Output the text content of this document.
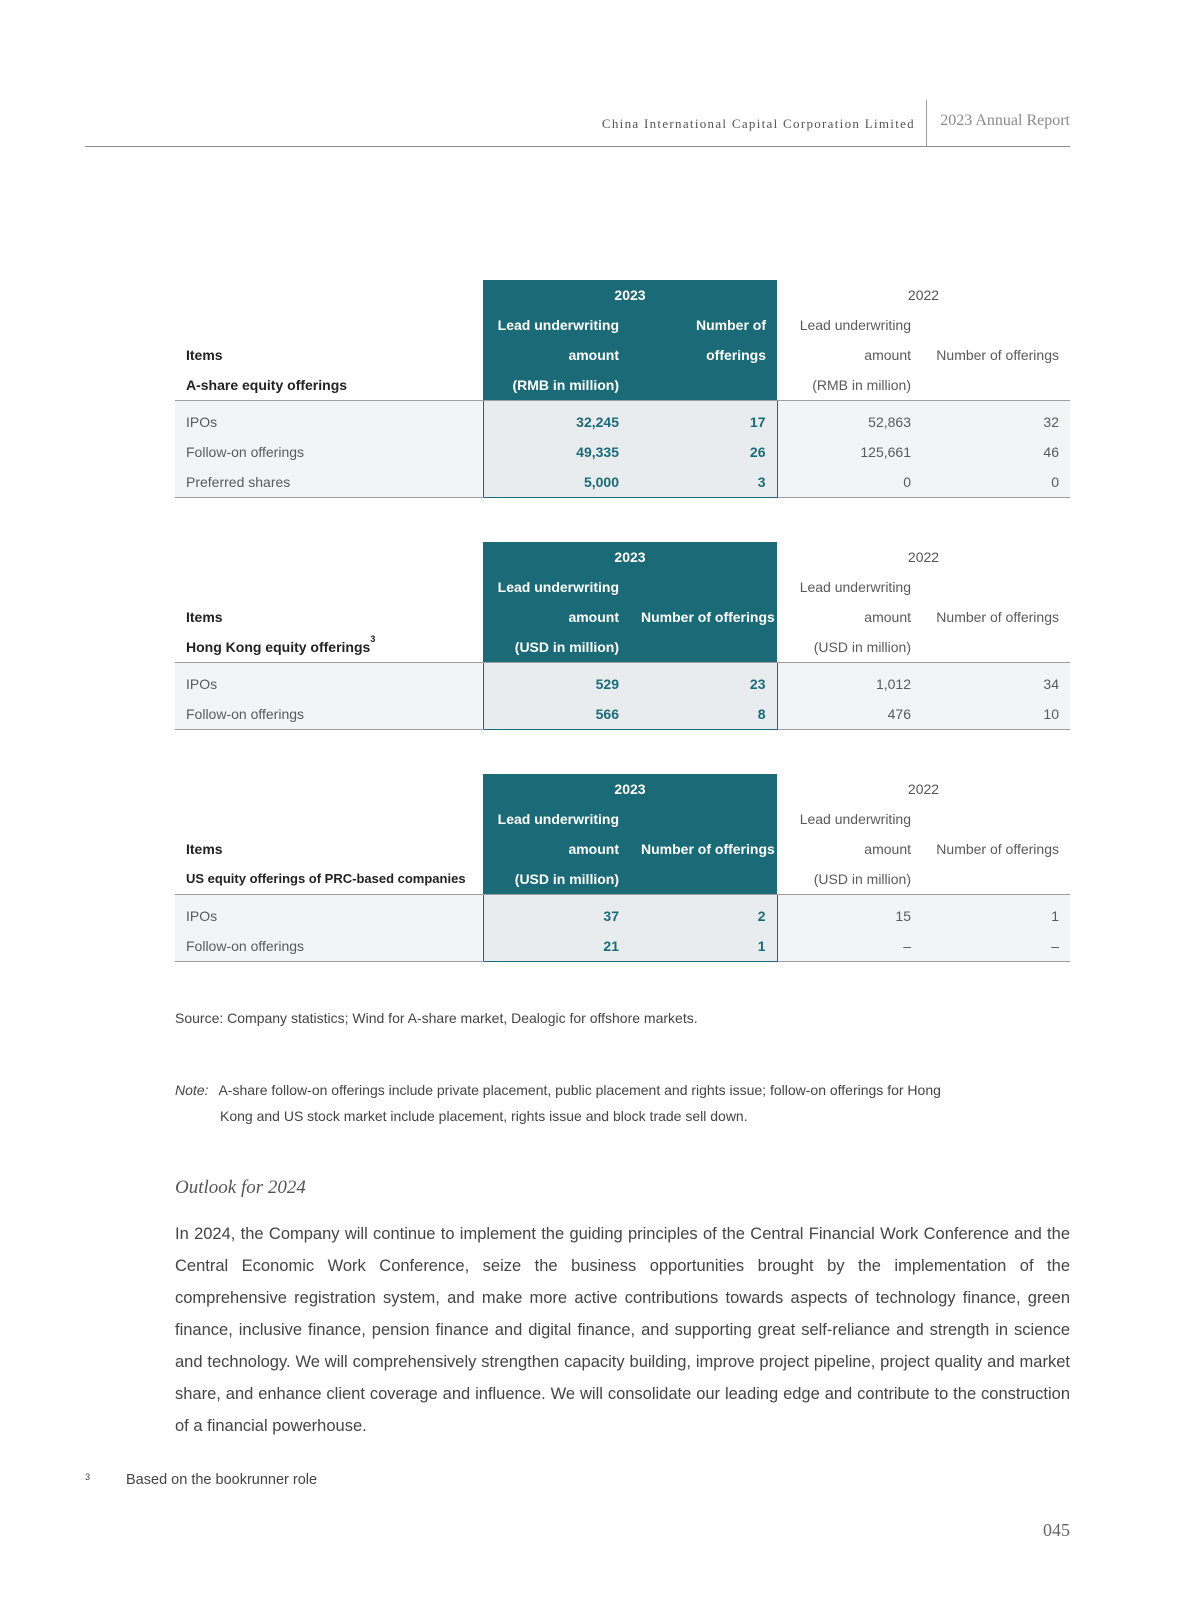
China International Capital Corporation Limited 2023 Annual Report
	2023		2022	
	Lead underwriting	Number of	Lead underwriting	
Items	amount	offerings	amount	Number of offerings
A-share equity offerings	(RMB in million)		(RMB in million)	
IPOs	32,245	17	52,863	32
Follow-on offerings	49,335	26	125,661	46
Preferred shares	5,000	3	0	0
	2023		2022	
	Lead underwriting		Lead underwriting	
Items	amount	Number of offerings	amount	Number of offerings
Hong Kong equity offerings$^3$	(USD in million)		(USD in million)	
IPOs	529	23	1,012	34
Follow-on offerings	566	8	476	10
	2023		2022	
	Lead underwriting		Lead underwriting	
Items	amount	Number of offerings	amount	Number of offerings
US equity offerings of PRC-based companies	(USD in million)		(USD in million)	
IPOs	37	2	15	1
Follow-on offerings	21	1	–	–
Source: Company statistics; Wind for A-share market, Dealogic for offshore markets.
Note: A-share follow-on offerings include private placement, public placement and rights issue; follow-on offerings for Hong
Kong and US stock market include placement, rights issue and block trade sell down.
Outlook for 2024
In 2024, the Company will continue to implement the guiding principles of the Central Financial Work Conference and the Central Economic Work Conference, seize the business opportunities brought by the implementation of the comprehensive registration system, and make more active contributions towards aspects of technology finance, green finance, inclusive finance, pension finance and digital finance, and supporting great self-reliance and strength in science and technology. We will comprehensively strengthen capacity building, improve project pipeline, project quality and market share, and enhance client coverage and influence. We will consolidate our leading edge and contribute to the construction of a financial powerhouse.
$^3$ Based on the bookrunner role
045
